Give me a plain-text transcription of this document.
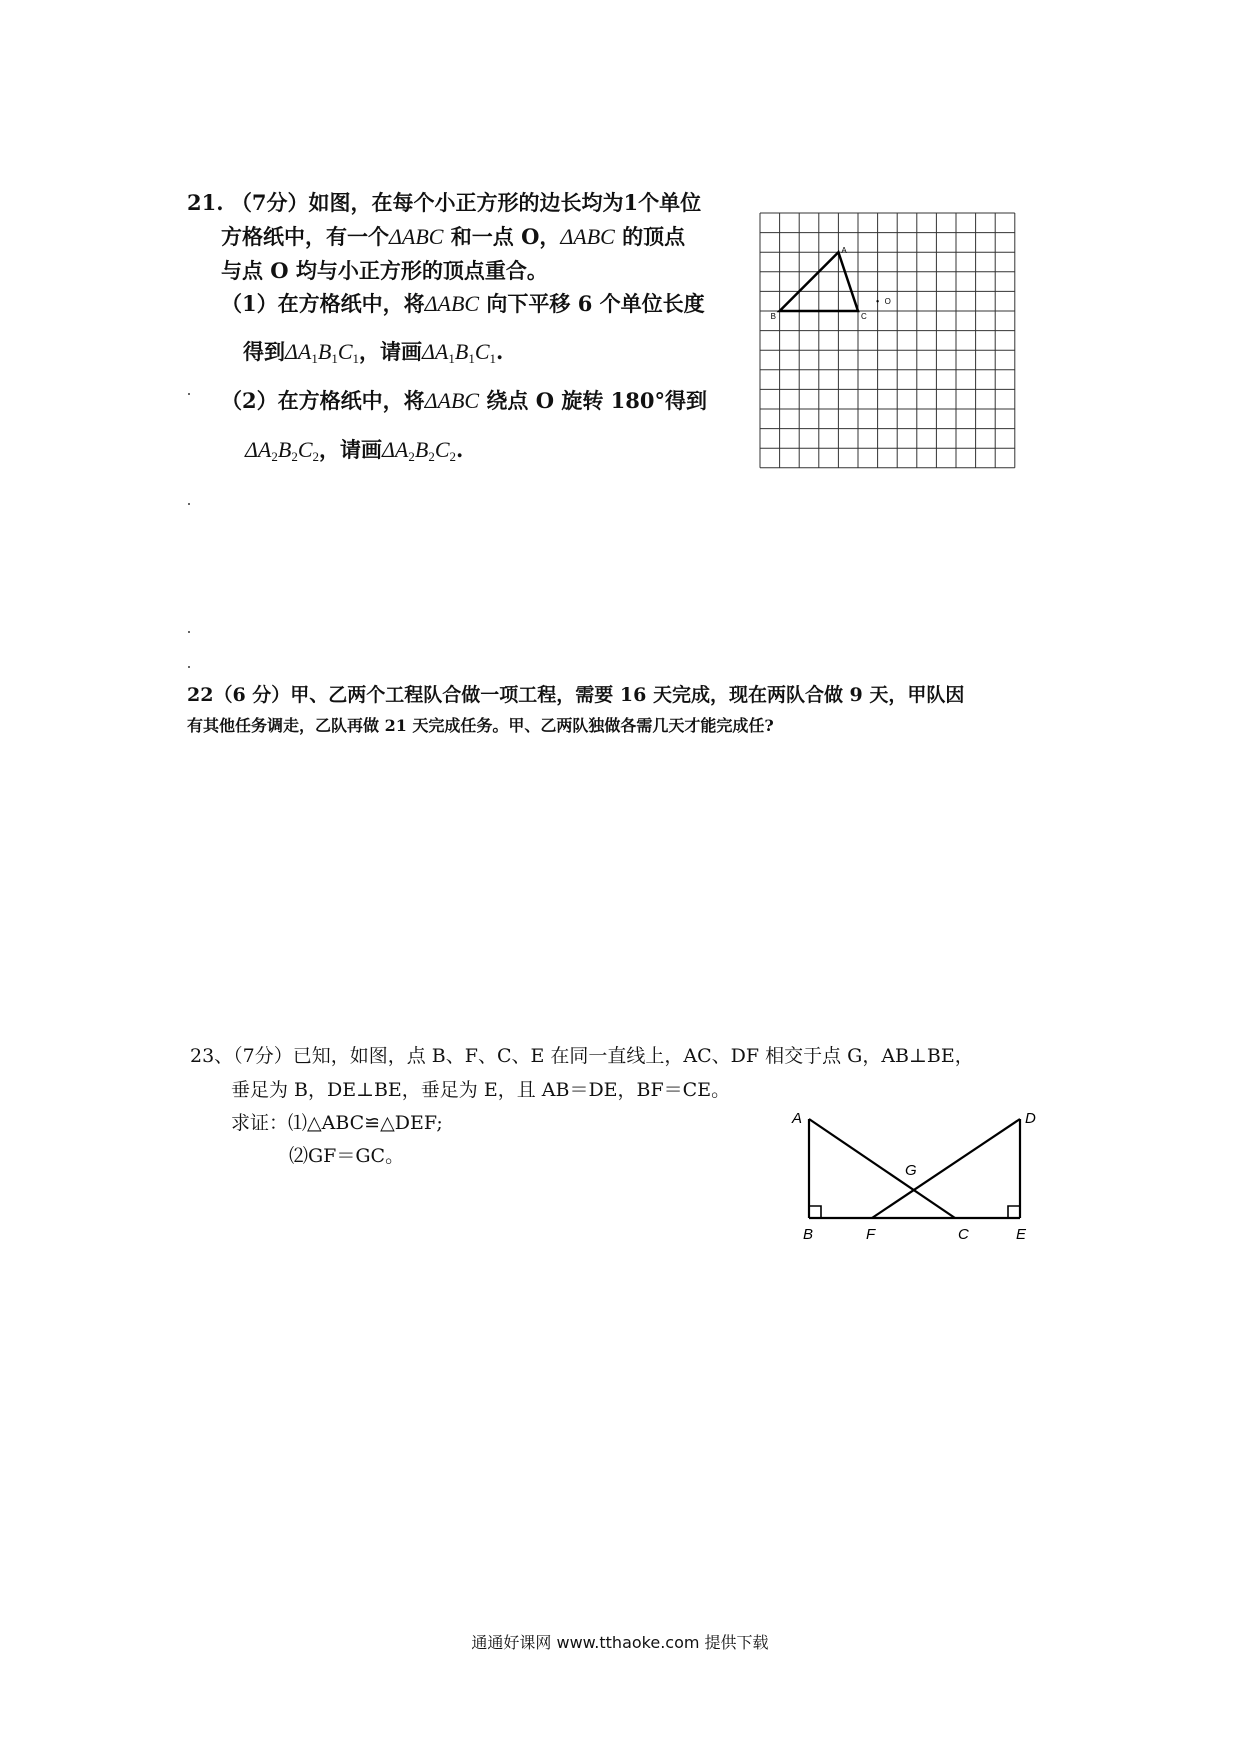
21. （7分）如图，在每个小正方形的边长均为1个单位
方格纸中，有一个ΔABC 和一点 O，ΔABC 的顶点
与点 O 均与小正方形的顶点重合。
（1）在方格纸中，将ΔABC 向下平移 6 个单位长度
得到$\Delta A_1B_1C_1$，请画$\Delta A_1B_1C_1$.
（2）在方格纸中，将ΔABC 绕点 O 旋转 180°得到
$\Delta A_2B_2C_2$，请画$\Delta A_2B_2C_2$.
A
B	C
O
22（6 分）甲、乙两个工程队合做一项工程，需要 16 天完成，现在两队合做 9 天，甲队因
有其他任务调走，乙队再做 21 天完成任务。甲、乙两队独做各需几天才能完成任?
23、（7分）已知，如图，点 B、F、C、E 在同一直线上，AC、DF 相交于点 G，AB⊥BE，
垂足为 B，DE⊥BE，垂足为 E，且 AB＝DE，BF＝CE。
求证：⑴△ABC≌△DEF;
⑵GF＝GC。
A	D
G
B	F	C	E
通通好课网 www.tthaoke.com 提供下载
